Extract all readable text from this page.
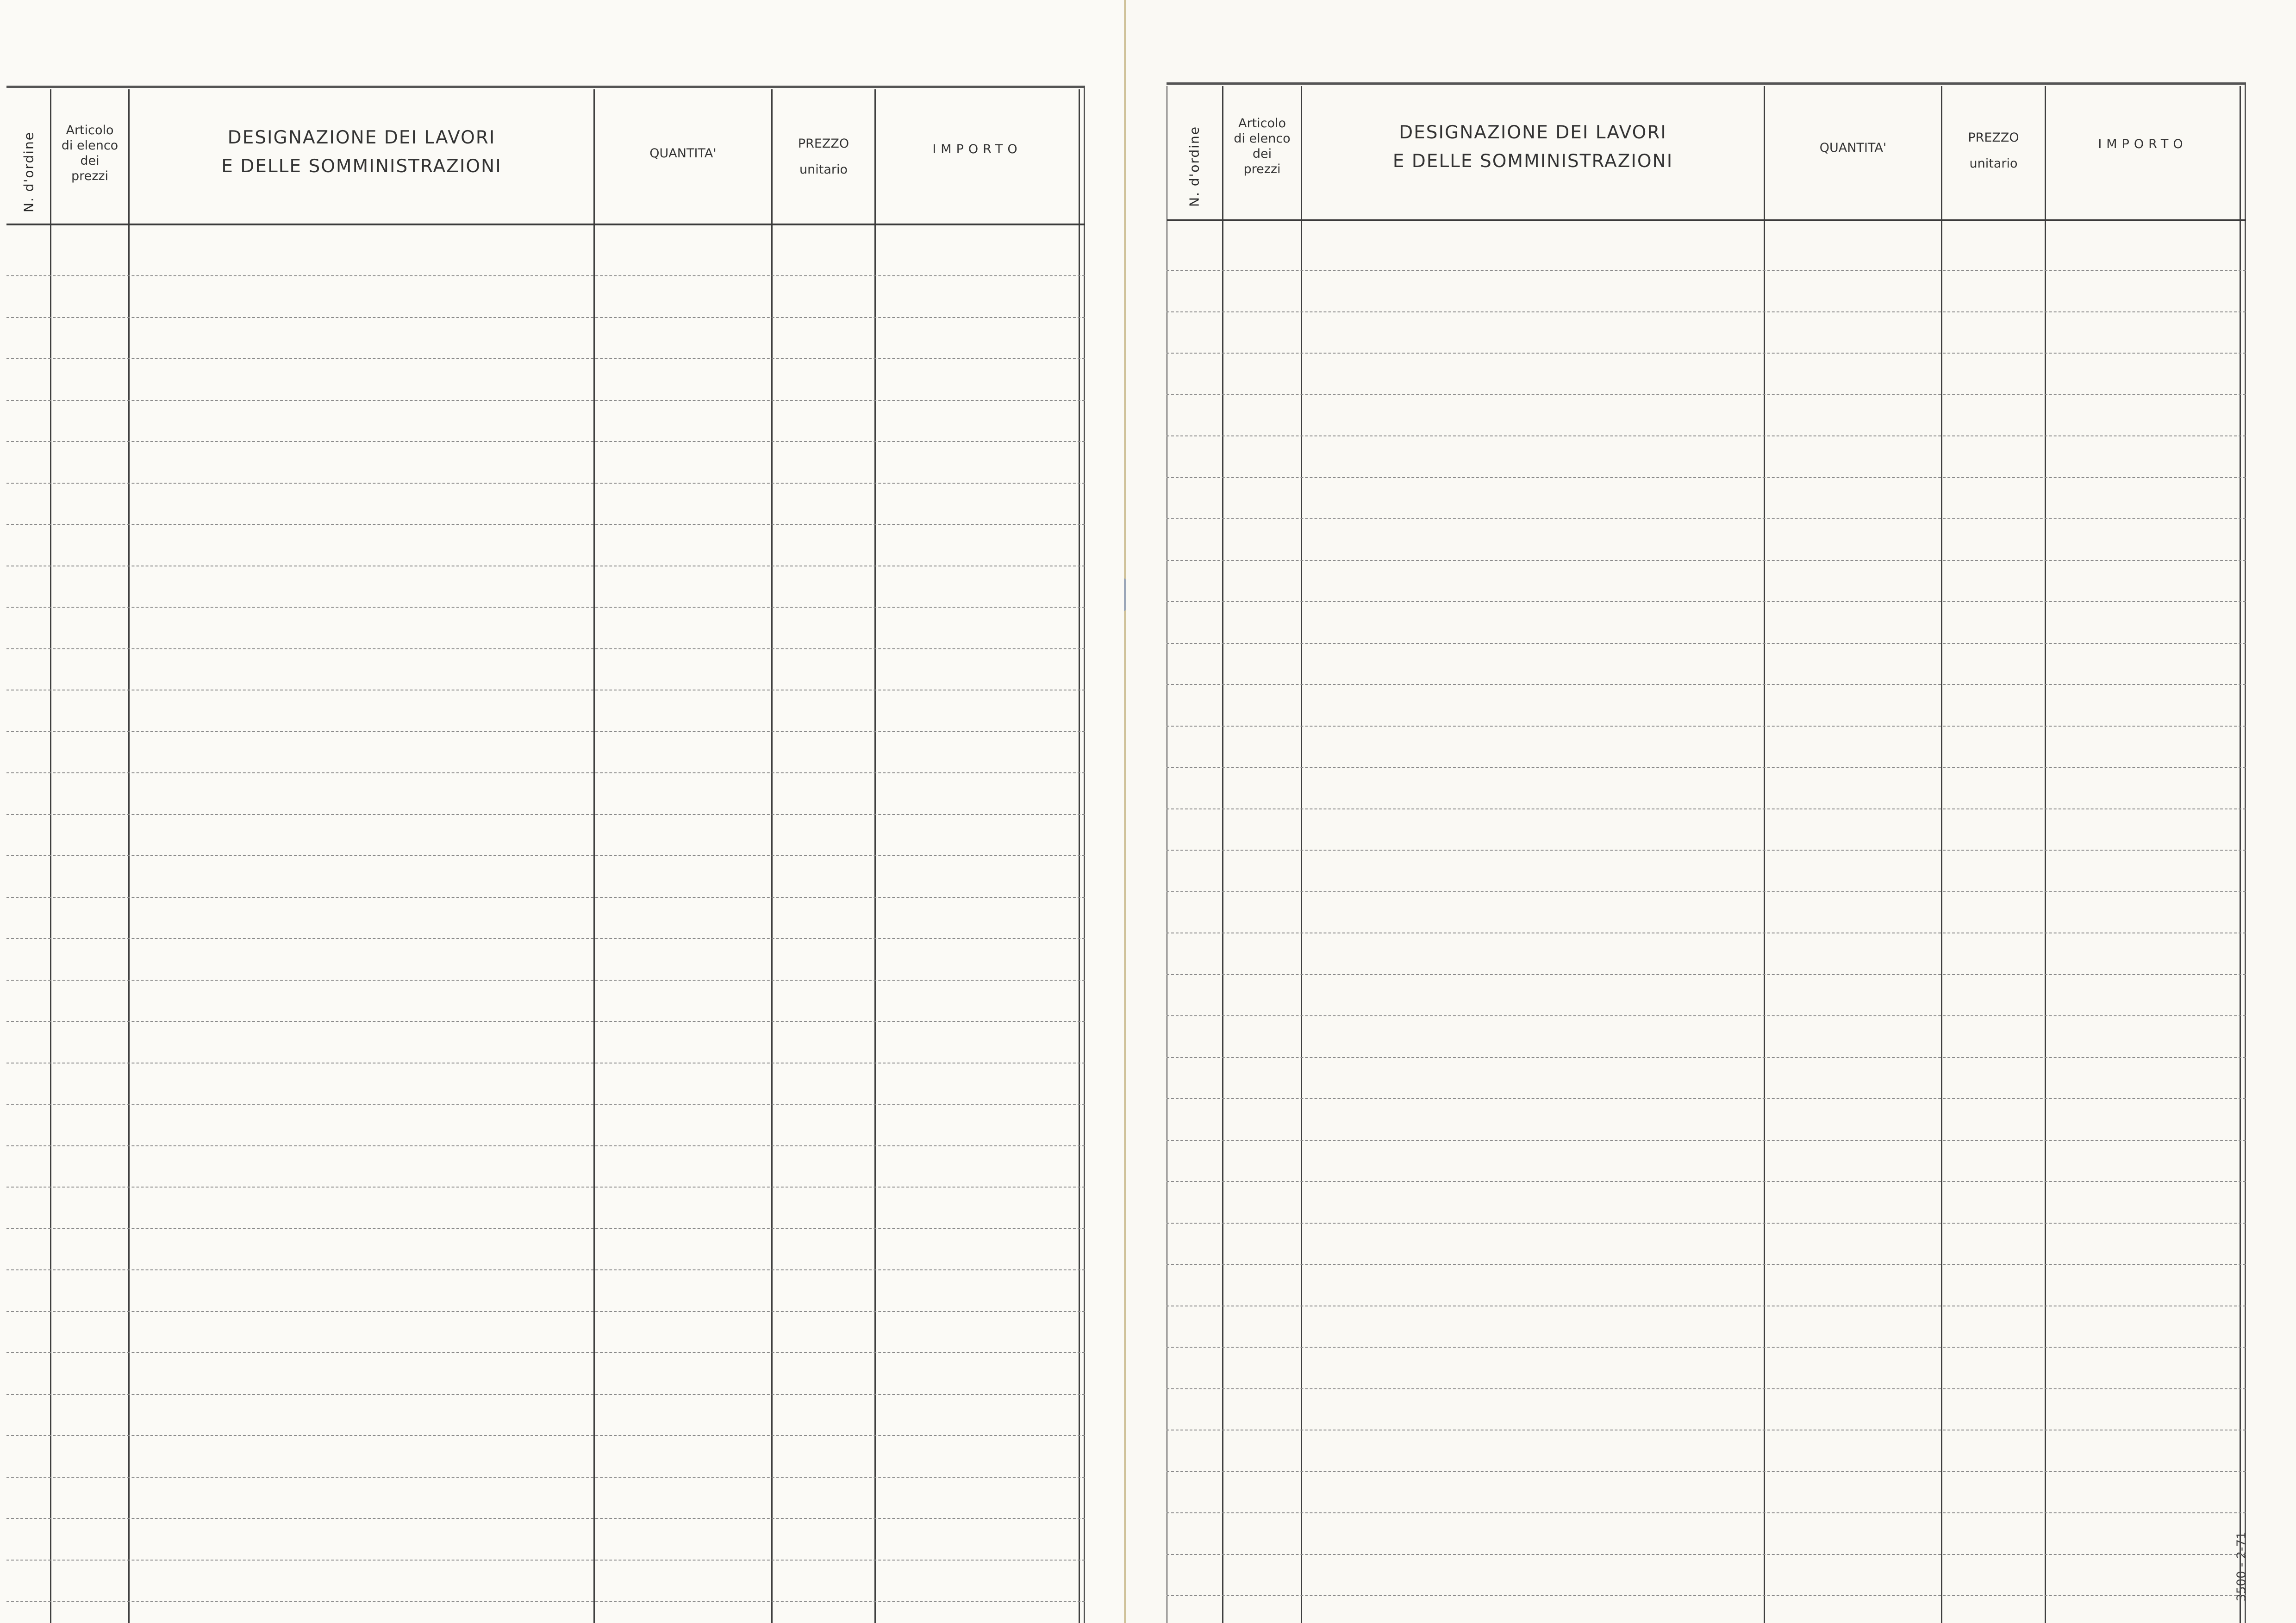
N. d'ordine
Articolo
di elenco
dei
prezzi
DESIGNAZIONE DEI LAVORI
E DELLE SOMMINISTRAZIONI
QUANTITA'
PREZZO
unitario
IMPORTO	N. d'ordine
Articolo
di elenco
dei
prezzi
DESIGNAZIONE DEI LAVORI
E DELLE SOMMINISTRAZIONI
QUANTITA'
PREZZO
unitario
IMPORTO
3500 - 2-71
